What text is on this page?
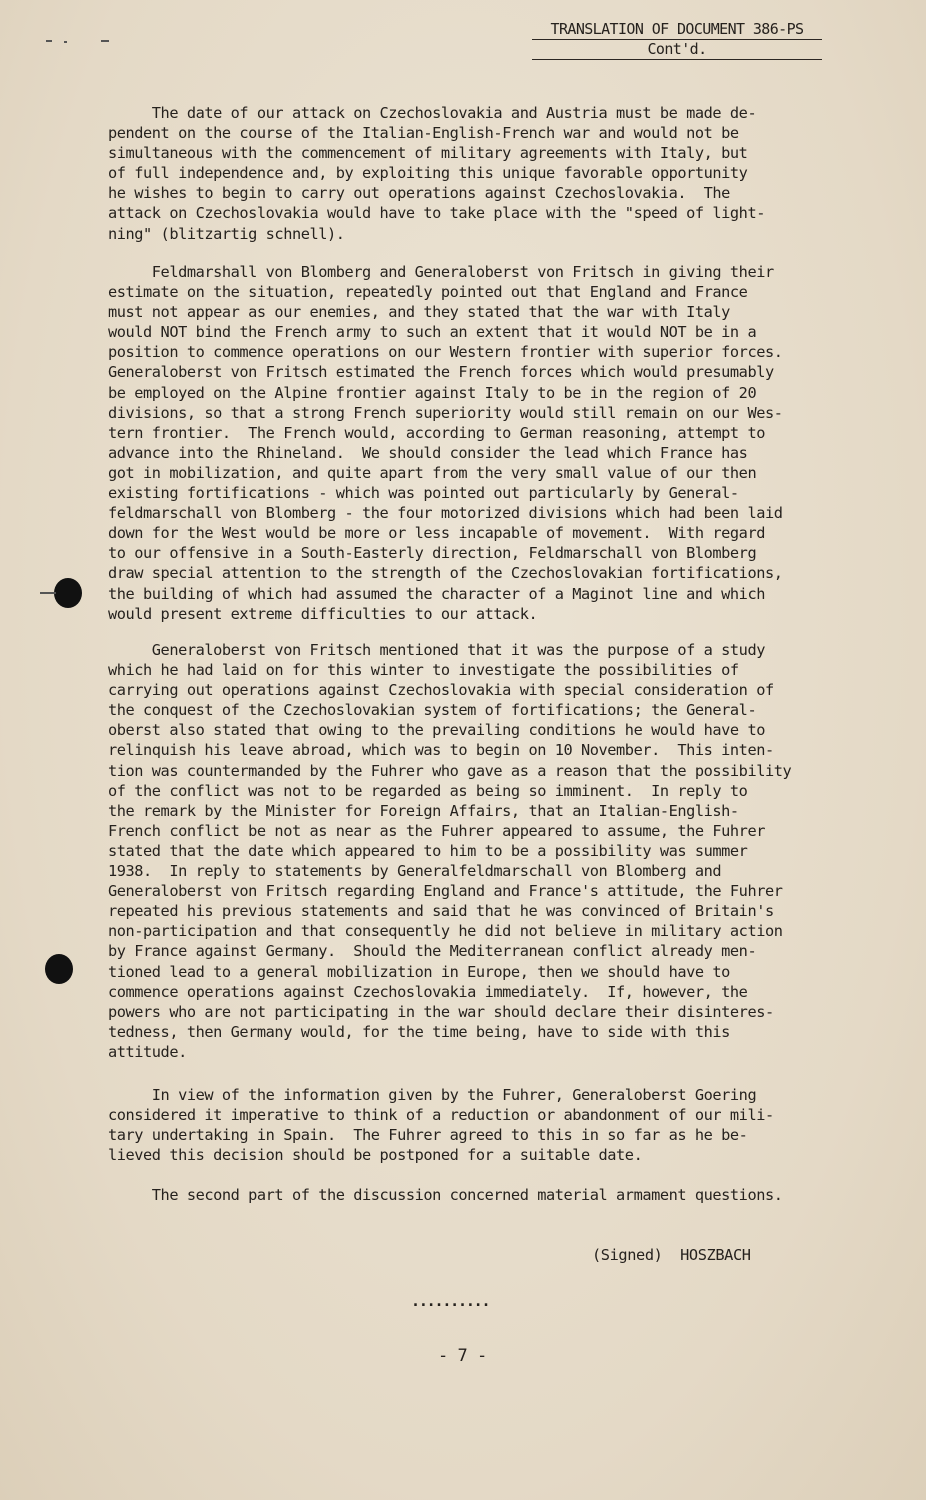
TRANSLATION OF DOCUMENT 386-PS
Cont'd.

The date of our attack on Czechoslovakia and Austria must be made de-
pendent on the course of the Italian-English-French war and would not be
simultaneous with the commencement of military agreements with Italy, but
of full independence and, by exploiting this unique favorable opportunity
he wishes to begin to carry out operations against Czechoslovakia.  The
attack on Czechoslovakia would have to take place with the "speed of light-
ning" (blitzartig schnell).

Feldmarshall von Blomberg and Generaloberst von Fritsch in giving their
estimate on the situation, repeatedly pointed out that England and France
must not appear as our enemies, and they stated that the war with Italy
would NOT bind the French army to such an extent that it would NOT be in a
position to commence operations on our Western frontier with superior forces.
Generaloberst von Fritsch estimated the French forces which would presumably
be employed on the Alpine frontier against Italy to be in the region of 20
divisions, so that a strong French superiority would still remain on our Wes-
tern frontier.  The French would, according to German reasoning, attempt to
advance into the Rhineland.  We should consider the lead which France has
got in mobilization, and quite apart from the very small value of our then
existing fortifications - which was pointed out particularly by General-
feldmarschall von Blomberg - the four motorized divisions which had been laid
down for the West would be more or less incapable of movement.  With regard
to our offensive in a South-Easterly direction, Feldmarschall von Blomberg
draw special attention to the strength of the Czechoslovakian fortifications,
the building of which had assumed the character of a Maginot line and which
would present extreme difficulties to our attack.

Generaloberst von Fritsch mentioned that it was the purpose of a study
which he had laid on for this winter to investigate the possibilities of
carrying out operations against Czechoslovakia with special consideration of
the conquest of the Czechoslovakian system of fortifications; the General-
oberst also stated that owing to the prevailing conditions he would have to
relinquish his leave abroad, which was to begin on 10 November.  This inten-
tion was countermanded by the Fuhrer who gave as a reason that the possibility
of the conflict was not to be regarded as being so imminent.  In reply to
the remark by the Minister for Foreign Affairs, that an Italian-English-
French conflict be not as near as the Fuhrer appeared to assume, the Fuhrer
stated that the date which appeared to him to be a possibility was summer
1938.  In reply to statements by Generalfeldmarschall von Blomberg and
Generaloberst von Fritsch regarding England and France's attitude, the Fuhrer
repeated his previous statements and said that he was convinced of Britain's
non-participation and that consequently he did not believe in military action
by France against Germany.  Should the Mediterranean conflict already men-
tioned lead to a general mobilization in Europe, then we should have to
commence operations against Czechoslovakia immediately.  If, however, the
powers who are not participating in the war should declare their disinteres-
tedness, then Germany would, for the time being, have to side with this
attitude.

In view of the information given by the Fuhrer, Generaloberst Goering
considered it imperative to think of a reduction or abandonment of our mili-
tary undertaking in Spain.  The Fuhrer agreed to this in so far as he be-
lieved this decision should be postponed for a suitable date.

The second part of the discussion concerned material armament questions.

(Signed)  HOSZBACH
..........
- 7 -
